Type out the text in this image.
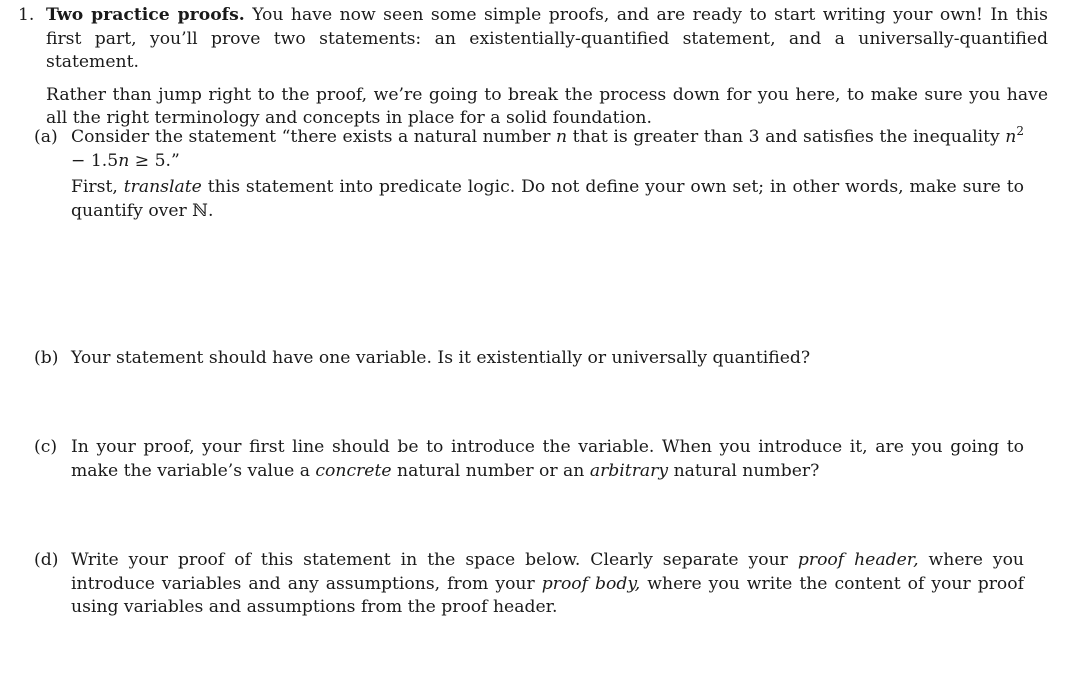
1. Two practice proofs. You have now seen some simple proofs, and are ready to start writing your own! In this first part, you’ll prove two statements: an existentially-quantified statement, and a universally-quantified statement.

Rather than jump right to the proof, we’re going to break the process down for you here, to make sure you have all the right terminology and concepts in place for a solid foundation.

(a) Consider the statement “there exists a natural number n that is greater than 3 and satisfies the inequality $n^2 - 1.5n \ge 5$.”

First, translate this statement into predicate logic. Do not define your own set; in other words, make sure to quantify over ℕ.

(b) Your statement should have one variable. Is it existentially or universally quantified?
(c) In your proof, your first line should be to introduce the variable. When you introduce it, are you going to make the variable’s value a concrete natural number or an arbitrary natural number?
(d) Write your proof of this statement in the space below. Clearly separate your proof header, where you introduce variables and any assumptions, from your proof body, where you write the content of your proof using variables and assumptions from the proof header.
